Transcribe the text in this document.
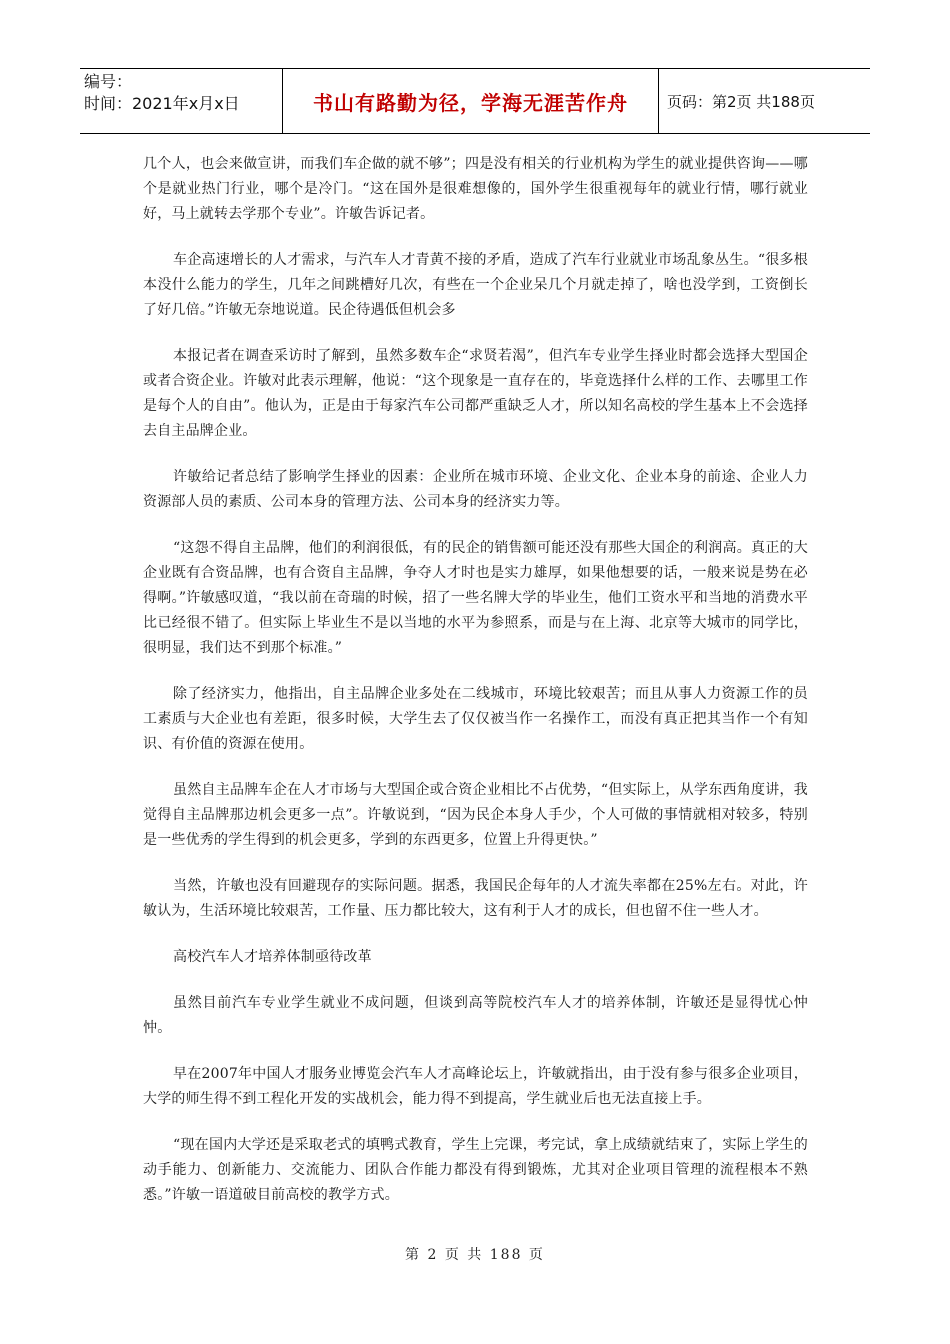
编号：
时间：2021年x月x日	书山有路勤为径，学海无涯苦作舟	页码：第2页 共188页

几个人，也会来做宣讲，而我们车企做的就不够”；四是没有相关的行业机构为学生的就业提供咨询——哪个是就业热门行业，哪个是冷门。“这在国外是很难想像的，国外学生很重视每年的就业行情，哪行就业好，马上就转去学那个专业”。许敏告诉记者。

车企高速增长的人才需求，与汽车人才青黄不接的矛盾，造成了汽车行业就业市场乱象丛生。“很多根本没什么能力的学生，几年之间跳槽好几次，有些在一个企业呆几个月就走掉了，啥也没学到，工资倒长了好几倍。”许敏无奈地说道。民企待遇低但机会多

本报记者在调查采访时了解到，虽然多数车企“求贤若渴”，但汽车专业学生择业时都会选择大型国企或者合资企业。许敏对此表示理解，他说：“这个现象是一直存在的，毕竟选择什么样的工作、去哪里工作是每个人的自由”。他认为，正是由于每家汽车公司都严重缺乏人才，所以知名高校的学生基本上不会选择去自主品牌企业。

许敏给记者总结了影响学生择业的因素：企业所在城市环境、企业文化、企业本身的前途、企业人力资源部人员的素质、公司本身的管理方法、公司本身的经济实力等。

“这怨不得自主品牌，他们的利润很低，有的民企的销售额可能还没有那些大国企的利润高。真正的大企业既有合资品牌，也有合资自主品牌，争夺人才时也是实力雄厚，如果他想要的话，一般来说是势在必得啊。”许敏感叹道，“我以前在奇瑞的时候，招了一些名牌大学的毕业生，他们工资水平和当地的消费水平比已经很不错了。但实际上毕业生不是以当地的水平为参照系，而是与在上海、北京等大城市的同学比，很明显，我们达不到那个标准。”

除了经济实力，他指出，自主品牌企业多处在二线城市，环境比较艰苦；而且从事人力资源工作的员工素质与大企业也有差距，很多时候，大学生去了仅仅被当作一名操作工，而没有真正把其当作一个有知识、有价值的资源在使用。

虽然自主品牌车企在人才市场与大型国企或合资企业相比不占优势，“但实际上，从学东西角度讲，我觉得自主品牌那边机会更多一点”。许敏说到，“因为民企本身人手少，个人可做的事情就相对较多，特别是一些优秀的学生得到的机会更多，学到的东西更多，位置上升得更快。”

当然，许敏也没有回避现存的实际问题。据悉，我国民企每年的人才流失率都在25%左右。对此，许敏认为，生活环境比较艰苦，工作量、压力都比较大，这有利于人才的成长，但也留不住一些人才。

高校汽车人才培养体制亟待改革

虽然目前汽车专业学生就业不成问题，但谈到高等院校汽车人才的培养体制，许敏还是显得忧心忡忡。

早在2007年中国人才服务业博览会汽车人才高峰论坛上，许敏就指出，由于没有参与很多企业项目，大学的师生得不到工程化开发的实战机会，能力得不到提高，学生就业后也无法直接上手。

“现在国内大学还是采取老式的填鸭式教育，学生上完课，考完试，拿上成绩就结束了，实际上学生的动手能力、创新能力、交流能力、团队合作能力都没有得到锻炼，尤其对企业项目管理的流程根本不熟悉。”许敏一语道破目前高校的教学方式。

第 2 页 共 188 页
